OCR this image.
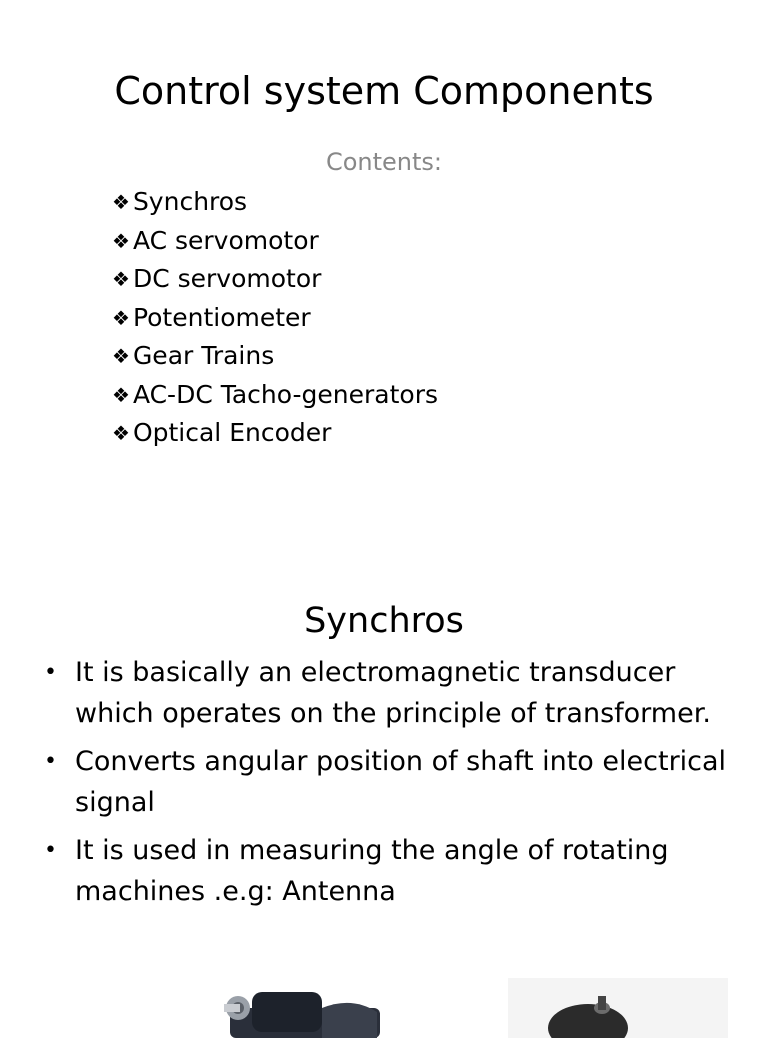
Control system Components
Contents:
❖ Synchros
❖ AC servomotor
❖ DC servomotor
❖ Potentiometer
❖ Gear Trains
❖ AC-DC Tacho-generators
❖ Optical Encoder
Synchros
• It is basically an electromagnetic transducer which operates on the principle of transformer.
• Converts angular position of shaft into electrical signal
• It is used in measuring the angle of rotating machines .e.g: Antenna
